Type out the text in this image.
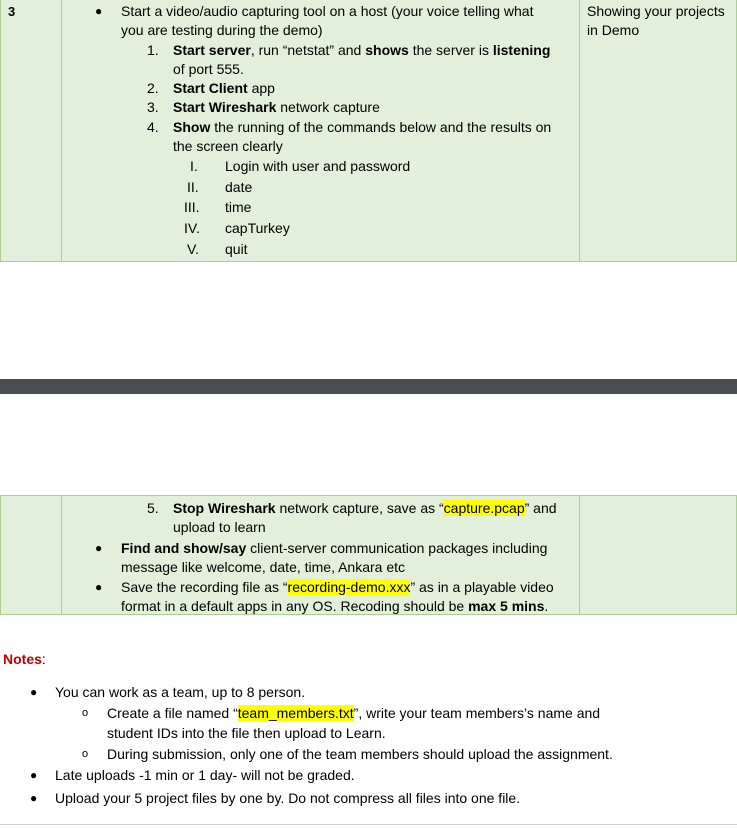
3	● Start a video/audio capturing tool on a host (your voice telling what
you are testing during the demo)
1. Start server, run “netstat” and shows the server is listening
of port 555.
2. Start Client app
3. Start Wireshark network capture
4. Show the running of the commands below and the results on
the screen clearly
I. Login with user and password
II. date
III. time
IV. capTurkey
V. quit
Showing your projects
in Demo
5. Stop Wireshark network capture, save as “capture.pcap” and
upload to learn
● Find and show/say client-server communication packages including
message like welcome, date, time, Ankara etc
● Save the recording file as “recording-demo.xxx” as in a playable video
format in a default apps in any OS. Recoding should be max 5 mins.
Notes:
● You can work as a team, up to 8 person.
o Create a file named “team_members.txt”, write your team members’s name and
student IDs into the file then upload to Learn.
o During submission, only one of the team members should upload the assignment.
● Late uploads -1 min or 1 day- will not be graded.
● Upload your 5 project files by one by. Do not compress all files into one file.
